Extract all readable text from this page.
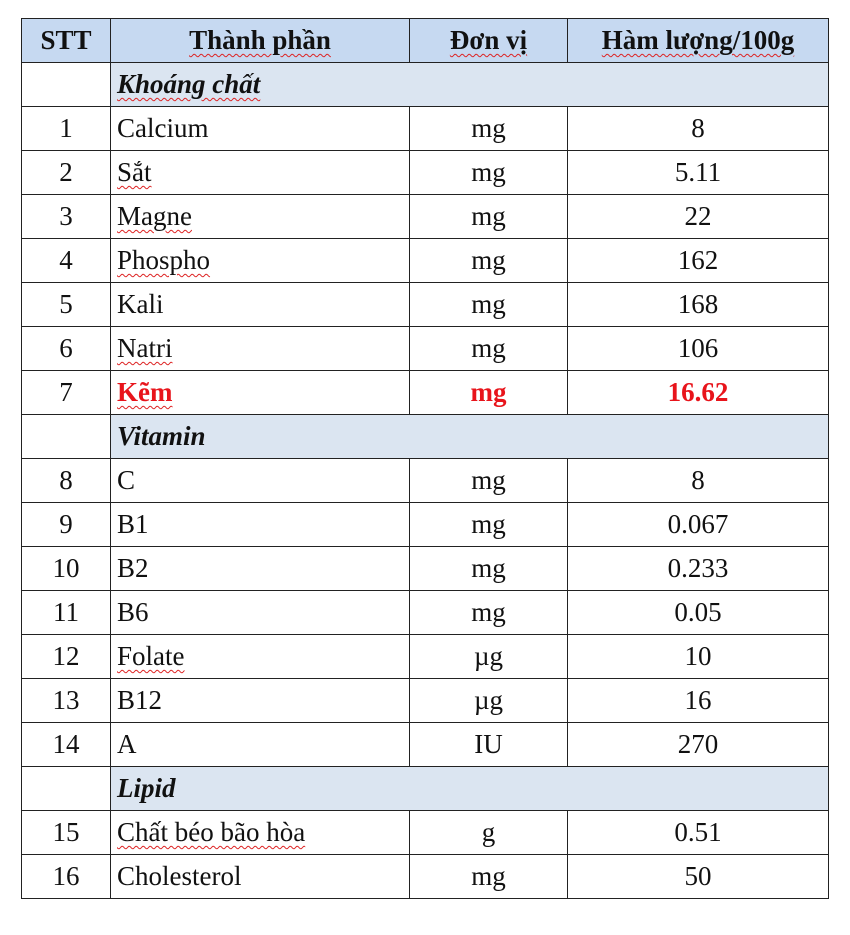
STT	Thành phần	Đơn vị	Hàm lượng/100g
	Khoáng chất		
1	Calcium	mg	8
2	Sắt	mg	5.11
3	Magne	mg	22
4	Phospho	mg	162
5	Kali	mg	168
6	Natri	mg	106
7	Kẽm	mg	16.62
	Vitamin		
8	C	mg	8
9	B1	mg	0.067
10	B2	mg	0.233
11	B6	mg	0.05
12	Folate	µg	10
13	B12	µg	16
14	A	IU	270
	Lipid		
15	Chất béo bão hòa	g	0.51
16	Cholesterol	mg	50
